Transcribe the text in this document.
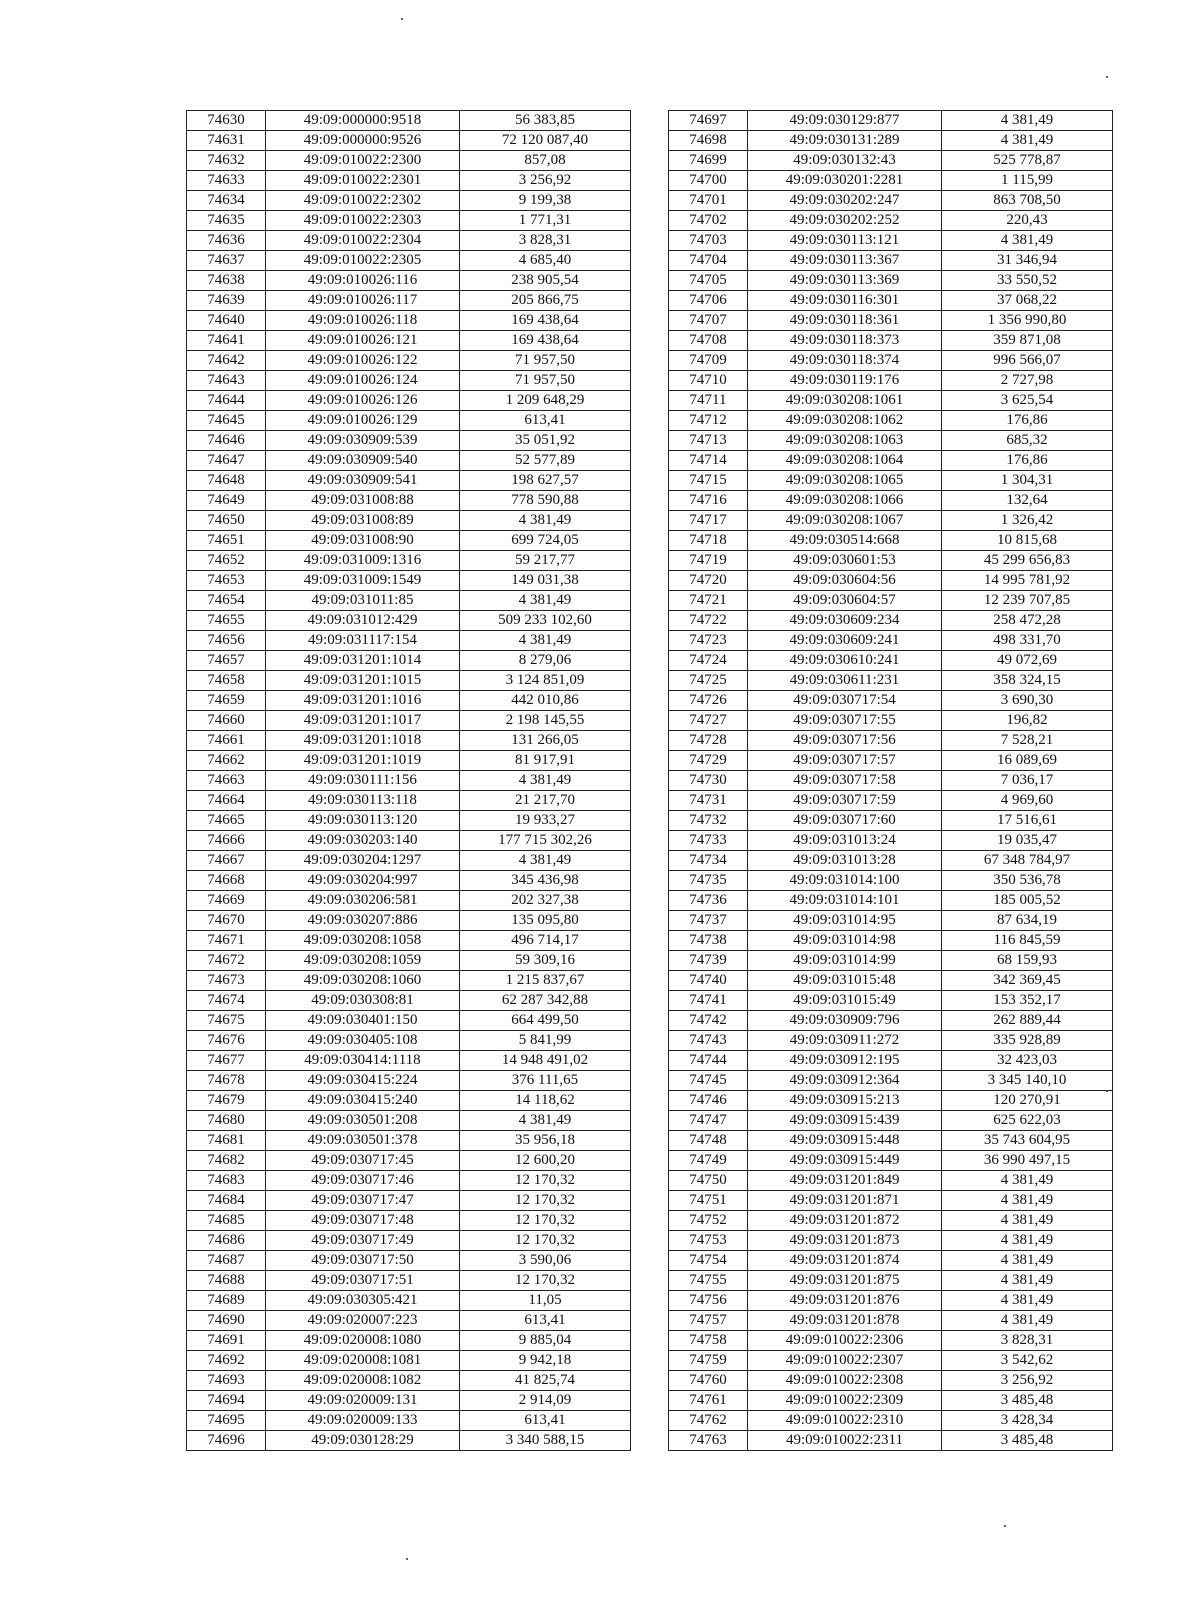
74630	49:09:000000:9518	56 383,85
74631	49:09:000000:9526	72 120 087,40
74632	49:09:010022:2300	857,08
74633	49:09:010022:2301	3 256,92
74634	49:09:010022:2302	9 199,38
74635	49:09:010022:2303	1 771,31
74636	49:09:010022:2304	3 828,31
74637	49:09:010022:2305	4 685,40
74638	49:09:010026:116	238 905,54
74639	49:09:010026:117	205 866,75
74640	49:09:010026:118	169 438,64
74641	49:09:010026:121	169 438,64
74642	49:09:010026:122	71 957,50
74643	49:09:010026:124	71 957,50
74644	49:09:010026:126	1 209 648,29
74645	49:09:010026:129	613,41
74646	49:09:030909:539	35 051,92
74647	49:09:030909:540	52 577,89
74648	49:09:030909:541	198 627,57
74649	49:09:031008:88	778 590,88
74650	49:09:031008:89	4 381,49
74651	49:09:031008:90	699 724,05
74652	49:09:031009:1316	59 217,77
74653	49:09:031009:1549	149 031,38
74654	49:09:031011:85	4 381,49
74655	49:09:031012:429	509 233 102,60
74656	49:09:031117:154	4 381,49
74657	49:09:031201:1014	8 279,06
74658	49:09:031201:1015	3 124 851,09
74659	49:09:031201:1016	442 010,86
74660	49:09:031201:1017	2 198 145,55
74661	49:09:031201:1018	131 266,05
74662	49:09:031201:1019	81 917,91
74663	49:09:030111:156	4 381,49
74664	49:09:030113:118	21 217,70
74665	49:09:030113:120	19 933,27
74666	49:09:030203:140	177 715 302,26
74667	49:09:030204:1297	4 381,49
74668	49:09:030204:997	345 436,98
74669	49:09:030206:581	202 327,38
74670	49:09:030207:886	135 095,80
74671	49:09:030208:1058	496 714,17
74672	49:09:030208:1059	59 309,16
74673	49:09:030208:1060	1 215 837,67
74674	49:09:030308:81	62 287 342,88
74675	49:09:030401:150	664 499,50
74676	49:09:030405:108	5 841,99
74677	49:09:030414:1118	14 948 491,02
74678	49:09:030415:224	376 111,65
74679	49:09:030415:240	14 118,62
74680	49:09:030501:208	4 381,49
74681	49:09:030501:378	35 956,18
74682	49:09:030717:45	12 600,20
74683	49:09:030717:46	12 170,32
74684	49:09:030717:47	12 170,32
74685	49:09:030717:48	12 170,32
74686	49:09:030717:49	12 170,32
74687	49:09:030717:50	3 590,06
74688	49:09:030717:51	12 170,32
74689	49:09:030305:421	11,05
74690	49:09:020007:223	613,41
74691	49:09:020008:1080	9 885,04
74692	49:09:020008:1081	9 942,18
74693	49:09:020008:1082	41 825,74
74694	49:09:020009:131	2 914,09
74695	49:09:020009:133	613,41
74696	49:09:030128:29	3 340 588,15
74697	49:09:030129:877	4 381,49
74698	49:09:030131:289	4 381,49
74699	49:09:030132:43	525 778,87
74700	49:09:030201:2281	1 115,99
74701	49:09:030202:247	863 708,50
74702	49:09:030202:252	220,43
74703	49:09:030113:121	4 381,49
74704	49:09:030113:367	31 346,94
74705	49:09:030113:369	33 550,52
74706	49:09:030116:301	37 068,22
74707	49:09:030118:361	1 356 990,80
74708	49:09:030118:373	359 871,08
74709	49:09:030118:374	996 566,07
74710	49:09:030119:176	2 727,98
74711	49:09:030208:1061	3 625,54
74712	49:09:030208:1062	176,86
74713	49:09:030208:1063	685,32
74714	49:09:030208:1064	176,86
74715	49:09:030208:1065	1 304,31
74716	49:09:030208:1066	132,64
74717	49:09:030208:1067	1 326,42
74718	49:09:030514:668	10 815,68
74719	49:09:030601:53	45 299 656,83
74720	49:09:030604:56	14 995 781,92
74721	49:09:030604:57	12 239 707,85
74722	49:09:030609:234	258 472,28
74723	49:09:030609:241	498 331,70
74724	49:09:030610:241	49 072,69
74725	49:09:030611:231	358 324,15
74726	49:09:030717:54	3 690,30
74727	49:09:030717:55	196,82
74728	49:09:030717:56	7 528,21
74729	49:09:030717:57	16 089,69
74730	49:09:030717:58	7 036,17
74731	49:09:030717:59	4 969,60
74732	49:09:030717:60	17 516,61
74733	49:09:031013:24	19 035,47
74734	49:09:031013:28	67 348 784,97
74735	49:09:031014:100	350 536,78
74736	49:09:031014:101	185 005,52
74737	49:09:031014:95	87 634,19
74738	49:09:031014:98	116 845,59
74739	49:09:031014:99	68 159,93
74740	49:09:031015:48	342 369,45
74741	49:09:031015:49	153 352,17
74742	49:09:030909:796	262 889,44
74743	49:09:030911:272	335 928,89
74744	49:09:030912:195	32 423,03
74745	49:09:030912:364	3 345 140,10
74746	49:09:030915:213	120 270,91
74747	49:09:030915:439	625 622,03
74748	49:09:030915:448	35 743 604,95
74749	49:09:030915:449	36 990 497,15
74750	49:09:031201:849	4 381,49
74751	49:09:031201:871	4 381,49
74752	49:09:031201:872	4 381,49
74753	49:09:031201:873	4 381,49
74754	49:09:031201:874	4 381,49
74755	49:09:031201:875	4 381,49
74756	49:09:031201:876	4 381,49
74757	49:09:031201:878	4 381,49
74758	49:09:010022:2306	3 828,31
74759	49:09:010022:2307	3 542,62
74760	49:09:010022:2308	3 256,92
74761	49:09:010022:2309	3 485,48
74762	49:09:010022:2310	3 428,34
74763	49:09:010022:2311	3 485,48
